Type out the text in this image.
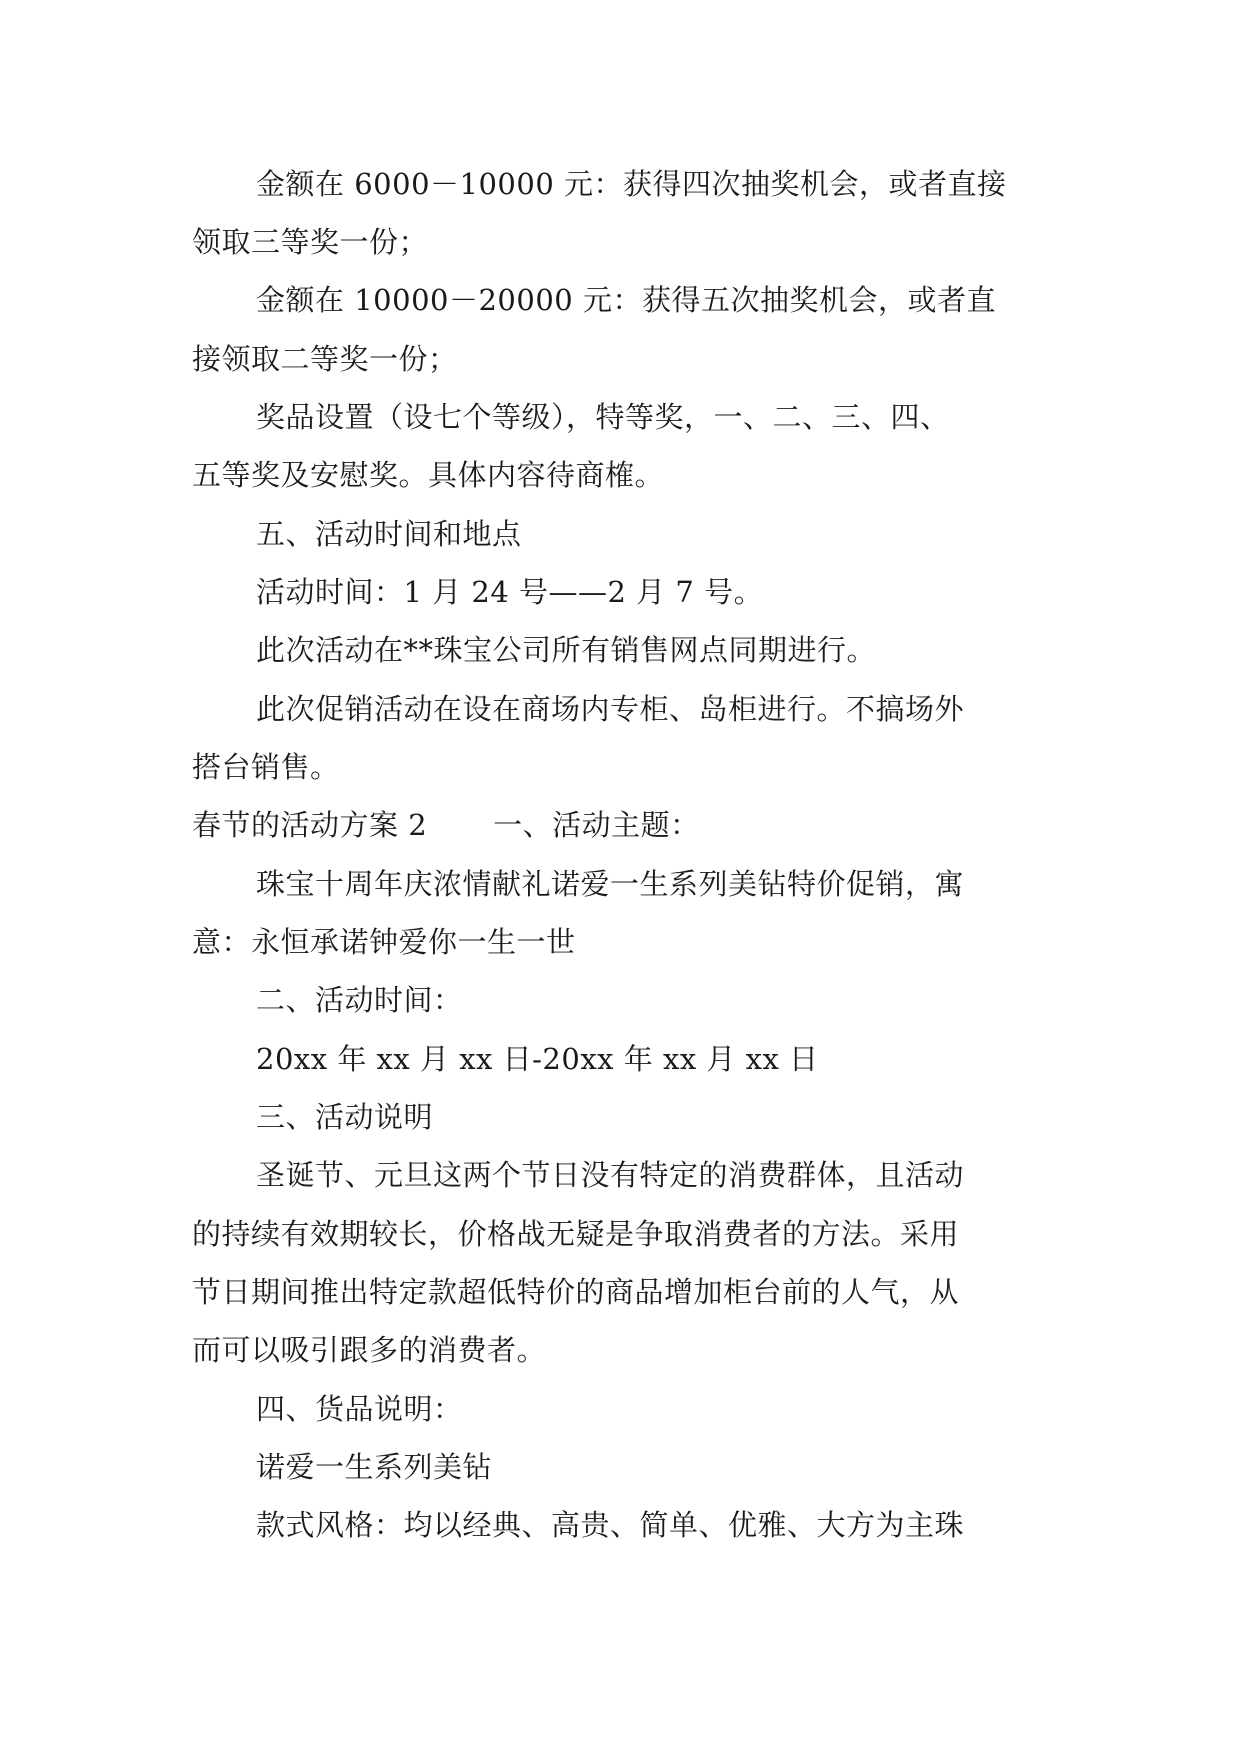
金额在 6000－10000 元：获得四次抽奖机会，或者直接
领取三等奖一份；
金额在 10000－20000 元：获得五次抽奖机会，或者直
接领取二等奖一份；
奖品设置（设七个等级），特等奖，一、二、三、四、
五等奖及安慰奖。具体内容待商榷。
五、活动时间和地点
活动时间：1 月 24 号——2 月 7 号。
此次活动在**珠宝公司所有销售网点同期进行。
此次促销活动在设在商场内专柜、岛柜进行。不搞场外
搭台销售。
春节的活动方案 2 一、活动主题：
珠宝十周年庆浓情献礼诺爱一生系列美钻特价促销，寓
意：永恒承诺钟爱你一生一世
二、活动时间：
20xx 年 xx 月 xx 日-20xx 年 xx 月 xx 日
三、活动说明
圣诞节、元旦这两个节日没有特定的消费群体，且活动
的持续有效期较长，价格战无疑是争取消费者的方法。采用
节日期间推出特定款超低特价的商品增加柜台前的人气，从
而可以吸引跟多的消费者。
四、货品说明：
诺爱一生系列美钻
款式风格：均以经典、高贵、简单、优雅、大方为主珠
